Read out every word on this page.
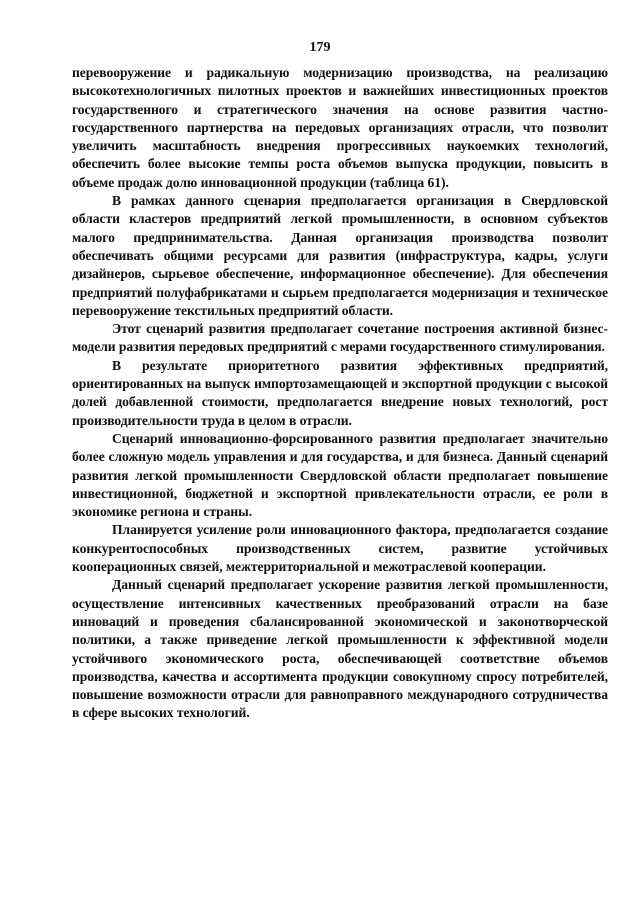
179

перевооружение и радикальную модернизацию производства, на реализацию высокотехнологичных пилотных проектов и важнейших инвестиционных проектов государственного и стратегического значения на основе развития частно-государственного партнерства на передовых организациях отрасли, что позволит увеличить масштабность внедрения прогрессивных наукоемких технологий, обеспечить более высокие темпы роста объемов выпуска продукции, повысить в объеме продаж долю инновационной продукции (таблица 61).

В рамках данного сценария предполагается организация в Свердловской области кластеров предприятий легкой промышленности, в основном субъектов малого предпринимательства. Данная организация производства позволит обеспечивать общими ресурсами для развития (инфраструктура, кадры, услуги дизайнеров, сырьевое обеспечение, информационное обеспечение). Для обеспечения предприятий полуфабрикатами и сырьем предполагается модернизация и техническое перевооружение текстильных предприятий области.

Этот сценарий развития предполагает сочетание построения активной бизнес-модели развития передовых предприятий с мерами государственного стимулирования.

В результате приоритетного развития эффективных предприятий, ориентированных на выпуск импортозамещающей и экспортной продукции с высокой долей добавленной стоимости, предполагается внедрение новых технологий, рост производительности труда в целом в отрасли.

Сценарий инновационно-форсированного развития предполагает значительно более сложную модель управления и для государства, и для бизнеса. Данный сценарий развития легкой промышленности Свердловской области предполагает повышение инвестиционной, бюджетной и экспортной привлекательности отрасли, ее роли в экономике региона и страны.

Планируется усиление роли инновационного фактора, предполагается создание конкурентоспособных производственных систем, развитие устойчивых кооперационных связей, межтерриториальной и межотраслевой кооперации.

Данный сценарий предполагает ускорение развития легкой промышленности, осуществление интенсивных качественных преобразований отрасли на базе инноваций и проведения сбалансированной экономической и законотворческой политики, а также приведение легкой промышленности к эффективной модели устойчивого экономического роста, обеспечивающей соответствие объемов производства, качества и ассортимента продукции совокупному спросу потребителей, повышение возможности отрасли для равноправного международного сотрудничества в сфере высоких технологий.
